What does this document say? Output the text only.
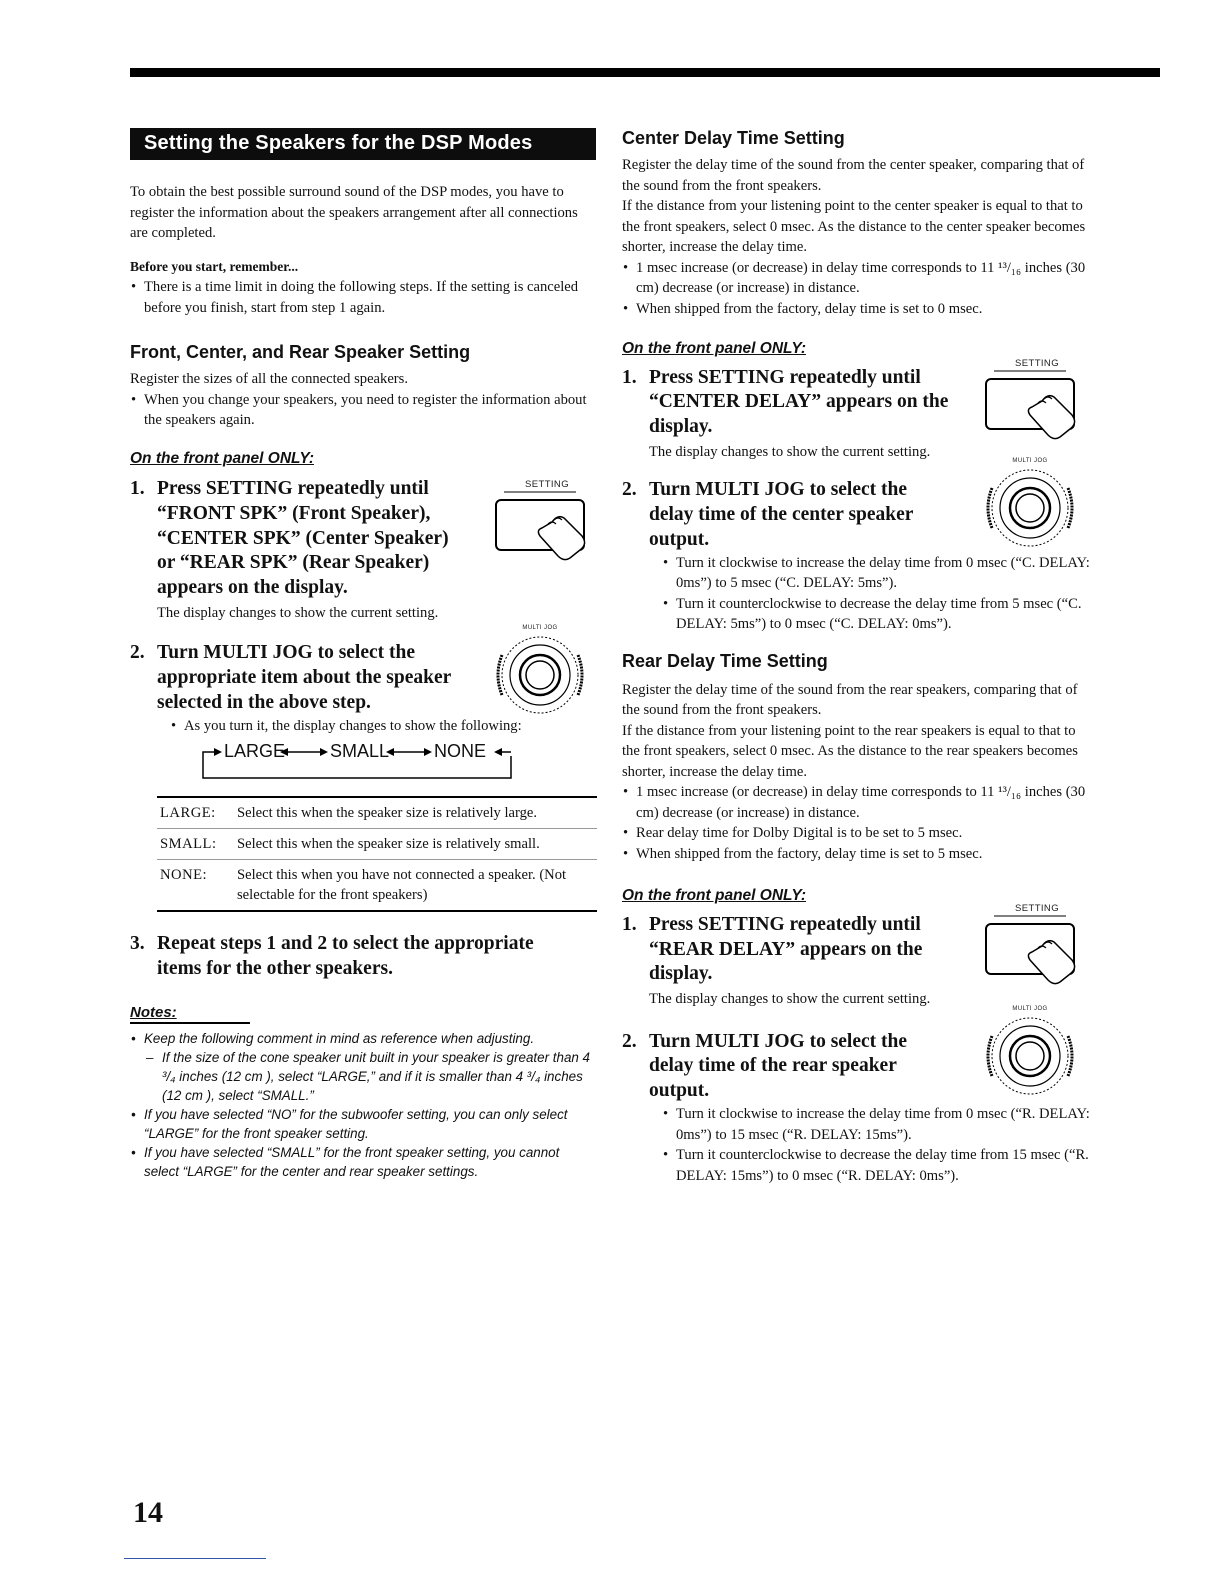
Setting the Speakers for the DSP Modes

To obtain the best possible surround sound of the DSP modes, you have to register the information about the speakers arrangement after all connections are completed.

Before you start, remember...

• There is a time limit in doing the following steps. If the setting is canceled before you finish, start from step 1 again.
Front, Center, and Rear Speaker Setting

Register the sizes of all the connected speakers.

• When you change your speakers, you need to register the information about the speakers again.

On the front panel ONLY:

1. Press SETTING repeatedly until “FRONT SPK” (Front Speaker), “CENTER SPK” (Center Speaker) or “REAR SPK” (Rear Speaker) appears on the display.

The display changes to show the current setting.

SETTING
2. Turn MULTI JOG to select the appropriate item about the speaker selected in the above step.

• As you turn it, the display changes to show the following:
MULTI JOG
LARGE SMALL NONE
LARGE:	Select this when the speaker size is relatively large.
SMALL:	Select this when the speaker size is relatively small.
NONE:	Select this when you have not connected a speaker. (Not selectable for the front speakers)
3. Repeat steps 1 and 2 to select the appropriate items for the other speakers.

Notes:
• Keep the following comment in mind as reference when adjusting.
– If the size of the cone speaker unit built in your speaker is greater than 4 ³/₄ inches (12 cm ), select “LARGE,” and if it is smaller than 4 ³/₄ inches (12 cm ), select “SMALL.”
• If you have selected “NO” for the subwoofer setting, you can only select “LARGE” for the front speaker setting.
• If you have selected “SMALL” for the front speaker setting, you cannot select “LARGE” for the center and rear speaker settings.
Center Delay Time Setting

Register the delay time of the sound from the center speaker, comparing that of the sound from the front speakers.

If the distance from your listening point to the center speaker is equal to that to the front speakers, select 0 msec. As the distance to the center speaker becomes shorter, increase the delay time.

• 1 msec increase (or decrease) in delay time corresponds to 11 ¹³/₁₆ inches (30 cm) decrease (or increase) in distance.
• When shipped from the factory, delay time is set to 0 msec.

On the front panel ONLY:

1. Press SETTING repeatedly until “CENTER DELAY” appears on the display.

The display changes to show the current setting.

SETTING
2. Turn MULTI JOG to select the delay time of the center speaker output.

• Turn it clockwise to increase the delay time from 0 msec (“C. DELAY: 0ms”) to 5 msec (“C. DELAY: 5ms”).
• Turn it counterclockwise to decrease the delay time from 5 msec (“C. DELAY: 5ms”) to 0 msec (“C. DELAY: 0ms”).
MULTI JOG
Rear Delay Time Setting

Register the delay time of the sound from the rear speakers, comparing that of the sound from the front speakers.

If the distance from your listening point to the rear speakers is equal to that to the front speakers, select 0 msec. As the distance to the rear speakers becomes shorter, increase the delay time.

• 1 msec increase (or decrease) in delay time corresponds to 11 ¹³/₁₆ inches (30 cm) decrease (or increase) in distance.
• Rear delay time for Dolby Digital is to be set to 5 msec.
• When shipped from the factory, delay time is set to 5 msec.

On the front panel ONLY:

1. Press SETTING repeatedly until “REAR DELAY” appears on the display.

The display changes to show the current setting.

SETTING
2. Turn MULTI JOG to select the delay time of the rear speaker output.

• Turn it clockwise to increase the delay time from 0 msec (“R. DELAY: 0ms”) to 15 msec (“R. DELAY: 15ms”).
• Turn it counterclockwise to decrease the delay time from 15 msec (“R. DELAY: 15ms”) to 0 msec (“R. DELAY: 0ms”).
MULTI JOG
14
